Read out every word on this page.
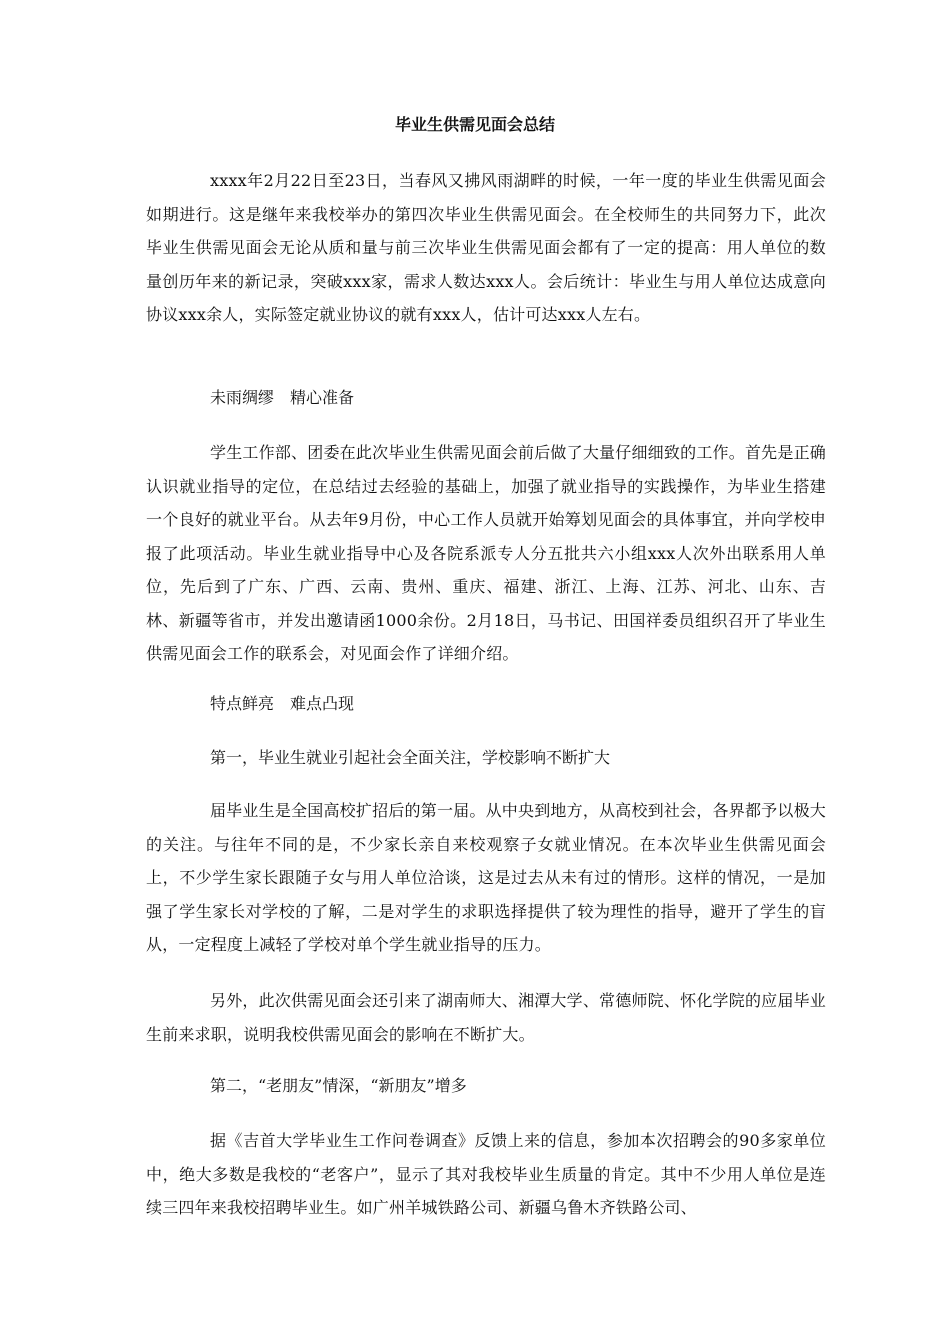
毕业生供需见面会总结
xxxx年2月22日至23日，当春风又拂风雨湖畔的时候，一年一度的毕业生供需见面会如期进行。这是继年来我校举办的第四次毕业生供需见面会。在全校师生的共同努力下，此次毕业生供需见面会无论从质和量与前三次毕业生供需见面会都有了一定的提高：用人单位的数量创历年来的新记录，突破xxx家，需求人数达xxx人。会后统计：毕业生与用人单位达成意向协议xxx余人，实际签定就业协议的就有xxx人，估计可达xxx人左右。
未雨绸缪　精心准备
学生工作部、团委在此次毕业生供需见面会前后做了大量仔细细致的工作。首先是正确认识就业指导的定位，在总结过去经验的基础上，加强了就业指导的实践操作，为毕业生搭建一个良好的就业平台。从去年9月份，中心工作人员就开始筹划见面会的具体事宜，并向学校申报了此项活动。毕业生就业指导中心及各院系派专人分五批共六小组xxx人次外出联系用人单位，先后到了广东、广西、云南、贵州、重庆、福建、浙江、上海、江苏、河北、山东、吉林、新疆等省市，并发出邀请函1000余份。2月18日，马书记、田国祥委员组织召开了毕业生供需见面会工作的联系会，对见面会作了详细介绍。
特点鲜亮　难点凸现
第一，毕业生就业引起社会全面关注，学校影响不断扩大
届毕业生是全国高校扩招后的第一届。从中央到地方，从高校到社会，各界都予以极大的关注。与往年不同的是，不少家长亲自来校观察子女就业情况。在本次毕业生供需见面会上，不少学生家长跟随子女与用人单位洽谈，这是过去从未有过的情形。这样的情况，一是加强了学生家长对学校的了解，二是对学生的求职选择提供了较为理性的指导，避开了学生的盲从，一定程度上减轻了学校对单个学生就业指导的压力。
另外，此次供需见面会还引来了湖南师大、湘潭大学、常德师院、怀化学院的应届毕业生前来求职，说明我校供需见面会的影响在不断扩大。
第二，“老朋友”情深，“新朋友”增多
据《吉首大学毕业生工作问卷调查》反馈上来的信息，参加本次招聘会的90多家单位中，绝大多数是我校的“老客户”，显示了其对我校毕业生质量的肯定。其中不少用人单位是连续三四年来我校招聘毕业生。如广州羊城铁路公司、新疆乌鲁木齐铁路公司、
